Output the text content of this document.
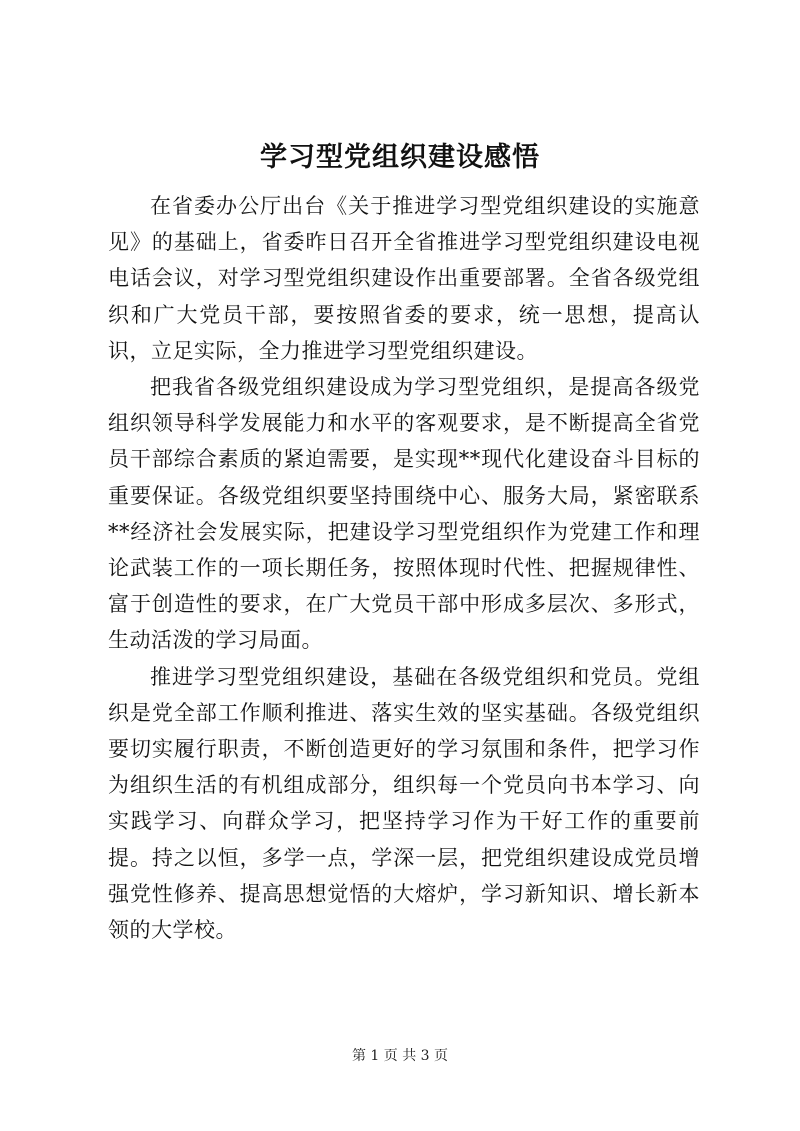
学习型党组织建设感悟

在省委办公厅出台《关于推进学习型党组织建设的实施意见》的基础上，省委昨日召开全省推进学习型党组织建设电视电话会议，对学习型党组织建设作出重要部署。全省各级党组织和广大党员干部，要按照省委的要求，统一思想，提高认识，立足实际，全力推进学习型党组织建设。

把我省各级党组织建设成为学习型党组织，是提高各级党组织领导科学发展能力和水平的客观要求，是不断提高全省党员干部综合素质的紧迫需要，是实现**现代化建设奋斗目标的重要保证。各级党组织要坚持围绕中心、服务大局，紧密联系**经济社会发展实际，把建设学习型党组织作为党建工作和理论武装工作的一项长期任务，按照体现时代性、把握规律性、富于创造性的要求，在广大党员干部中形成多层次、多形式，生动活泼的学习局面。

推进学习型党组织建设，基础在各级党组织和党员。党组织是党全部工作顺利推进、落实生效的坚实基础。各级党组织要切实履行职责，不断创造更好的学习氛围和条件，把学习作为组织生活的有机组成部分，组织每一个党员向书本学习、向实践学习、向群众学习，把坚持学习作为干好工作的重要前提。持之以恒，多学一点，学深一层，把党组织建设成党员增强党性修养、提高思想觉悟的大熔炉，学习新知识、增长新本领的大学校。

第 1 页 共 3 页
